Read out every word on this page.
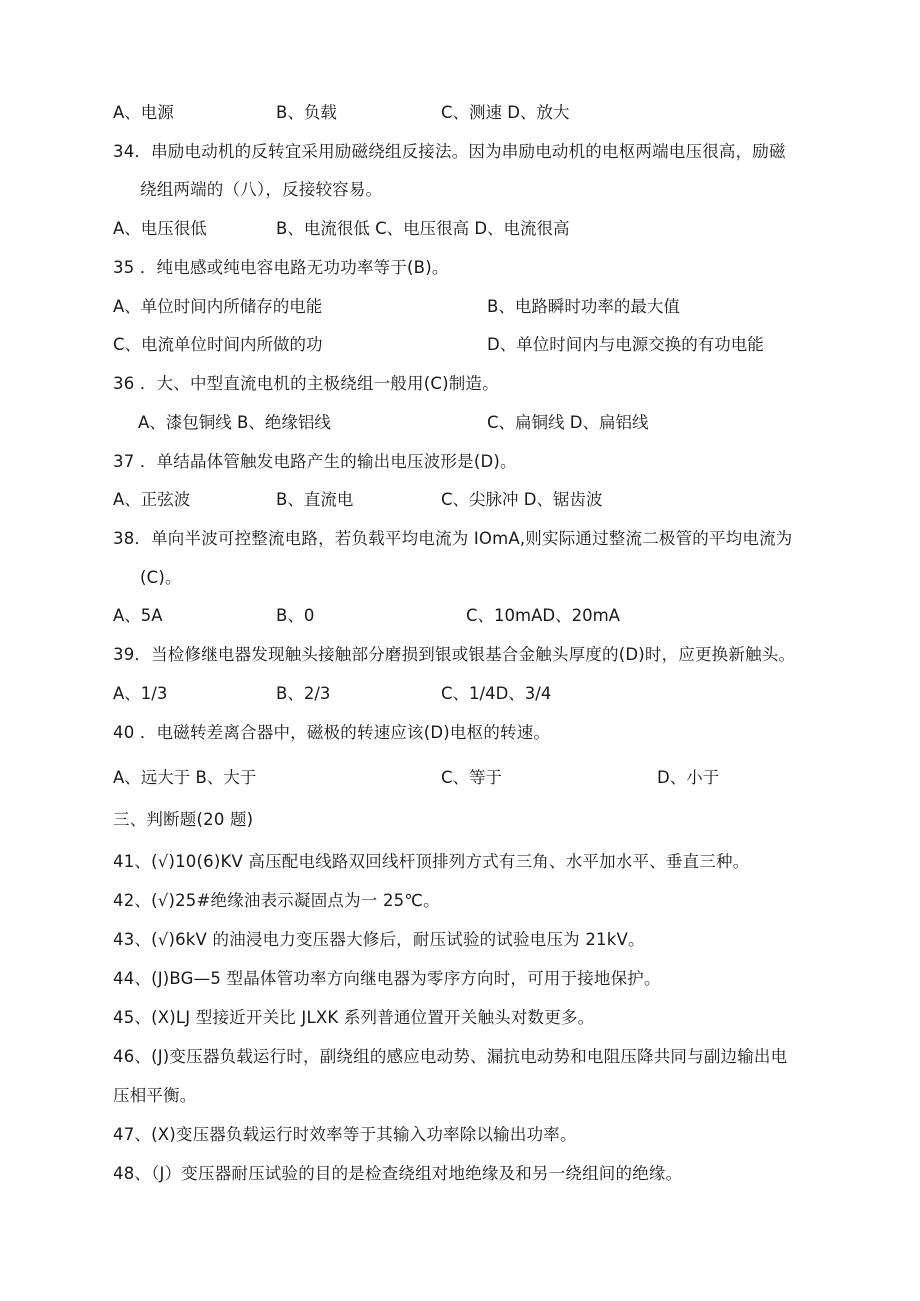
A、电源	B、负载	C、测速 D、放大
34．串励电动机的反转宜采用励磁绕组反接法。因为串励电动机的电枢两端电压很高，励磁
绕组两端的（八），反接较容易。
A、电压很低	B、电流很低 C、电压很高 D、电流很高
35 ．纯电感或纯电容电路无功功率等于(B)。
A、单位时间内所储存的电能	B、电路瞬时功率的最大值
C、电流单位时间内所做的功	D、单位时间内与电源交换的有功电能
36 ．大、中型直流电机的主极绕组一般用(C)制造。
A、漆包铜线 B、绝缘铝线	C、扁铜线 D、扁铝线
37 ．单结晶体管触发电路产生的输出电压波形是(D)。
A、正弦波	B、直流电	C、尖脉冲 D、锯齿波
38．单向半波可控整流电路，若负载平均电流为 IOmA,则实际通过整流二极管的平均电流为
(C)。
A、5A	B、0	C、10mAD、20mA
39．当检修继电器发现触头接触部分磨损到银或银基合金触头厚度的(D)时，应更换新触头。
A、1/3	B、2/3	C、1/4D、3/4
40 ．电磁转差离合器中，磁极的转速应该(D)电枢的转速。
A、远大于 B、大于	C、等于	D、小于
三、判断题(20 题)
41、(√)10(6)KV 高压配电线路双回线杆顶排列方式有三角、水平加水平、垂直三种。
42、(√)25#绝缘油表示凝固点为一 25℃。
43、(√)6kV 的油浸电力变压器大修后，耐压试验的试验电压为 21kV。
44、(J)BG—5 型晶体管功率方向继电器为零序方向时，可用于接地保护。
45、(X)LJ 型接近开关比 JLXK 系列普通位置开关触头对数更多。
46、(J)变压器负载运行时，副绕组的感应电动势、漏抗电动势和电阻压降共同与副边输出电
压相平衡。
47、(X)变压器负载运行时效率等于其输入功率除以输出功率。
48、（J）变压器耐压试验的目的是检查绕组对地绝缘及和另一绕组间的绝缘。
